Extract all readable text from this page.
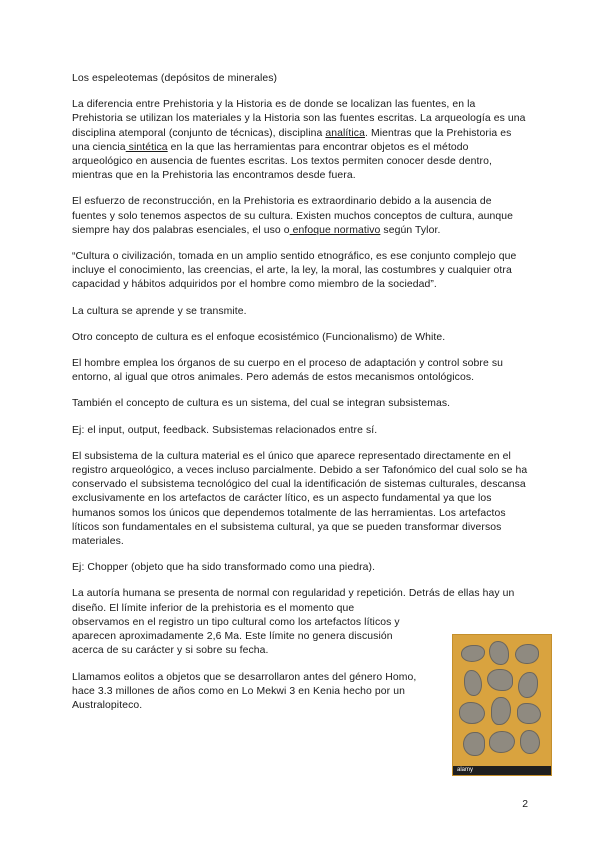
Los espeleotemas (depósitos de minerales)

La diferencia entre Prehistoria y la Historia es de donde se localizan las fuentes, en la Prehistoria se utilizan los materiales y la Historia son las fuentes escritas. La arqueología es una disciplina atemporal (conjunto de técnicas), disciplina analítica. Mientras que la Prehistoria es una ciencia sintética en la que las herramientas para encontrar objetos es el método arqueológico en ausencia de fuentes escritas. Los textos permiten conocer desde dentro, mientras que en la Prehistoria las encontramos desde fuera.

El esfuerzo de reconstrucción, en la Prehistoria es extraordinario debido a la ausencia de fuentes y solo tenemos aspectos de su cultura. Existen muchos conceptos de cultura, aunque siempre hay dos palabras esenciales, el uso o enfoque normativo según Tylor.

“Cultura o civilización, tomada en un amplio sentido etnográfico, es ese conjunto complejo que incluye el conocimiento, las creencias, el arte, la ley, la moral, las costumbres y cualquier otra capacidad y hábitos adquiridos por el hombre como miembro de la sociedad”.

La cultura se aprende y se transmite.

Otro concepto de cultura es el enfoque ecosistémico (Funcionalismo) de White.

El hombre emplea los órganos de su cuerpo en el proceso de adaptación y control sobre su entorno, al igual que otros animales. Pero además de estos mecanismos ontológicos.

También el concepto de cultura es un sistema, del cual se integran subsistemas.

Ej: el input, output, feedback. Subsistemas relacionados entre sí.

El subsistema de la cultura material es el único que aparece representado directamente en el registro arqueológico, a veces incluso parcialmente. Debido a ser Tafonómico del cual solo se ha conservado el subsistema tecnológico del cual la identificación de sistemas culturales, descansa exclusivamente en los artefactos de carácter lítico, es un aspecto fundamental ya que los humanos somos los únicos que dependemos totalmente de las herramientas. Los artefactos líticos son fundamentales en el subsistema cultural, ya que se pueden transformar diversos materiales.

Ej: Chopper (objeto que ha sido transformado como una piedra).

La autoría humana se presenta de normal con regularidad y repetición. Detrás de ellas hay un diseño. El límite inferior de la prehistoria es el momento que
observamos en el registro un tipo cultural como los artefactos líticos y aparecen aproximadamente 2,6 Ma. Este límite no genera discusión acerca de su carácter y si sobre su fecha.

Llamamos eolitos a objetos que se desarrollaron antes del género Homo, hace 3.3 millones de años como en Lo Mekwi 3 en Kenia hecho por un Australopiteco.

alamy
2
